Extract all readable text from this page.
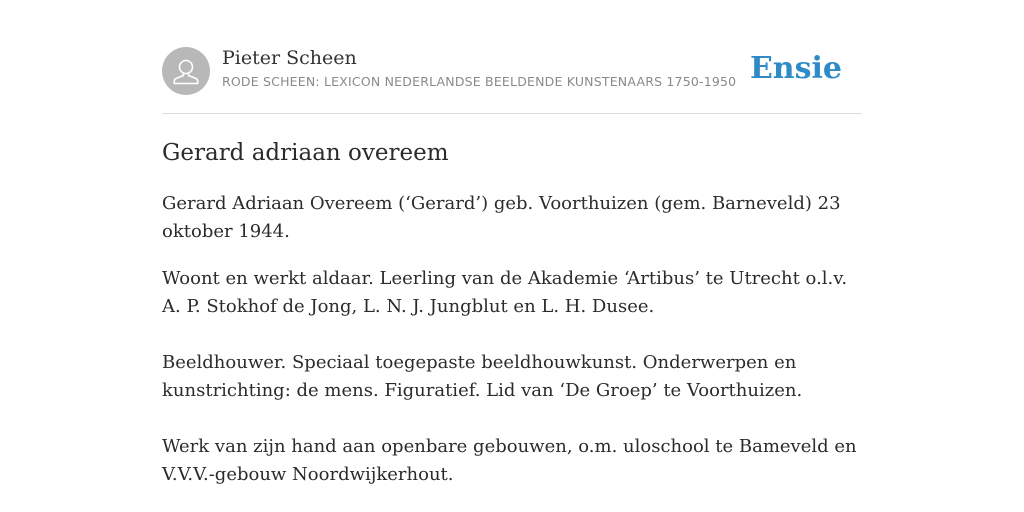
Pieter Scheen
RODE SCHEEN: LEXICON NEDERLANDSE BEELDENDE KUNSTENAARS 1750-1950 Ensie
Gerard adriaan overeem

Gerard Adriaan Overeem (‘Gerard’) geb. Voorthuizen (gem. Barneveld) 23 oktober 1944.

Woont en werkt aldaar. Leerling van de Akademie ‘Artibus’ te Utrecht o.l.v. A. P. Stokhof de Jong, L. N. J. Jungblut en L. H. Dusee.

Beeldhouwer. Speciaal toegepaste beeldhouwkunst. Onderwerpen en kunstrichting: de mens. Figuratief. Lid van ‘De Groep’ te Voorthuizen.

Werk van zijn hand aan openbare gebouwen, o.m. uloschool te Bameveld en V.V.V.-gebouw Noordwijkerhout.
